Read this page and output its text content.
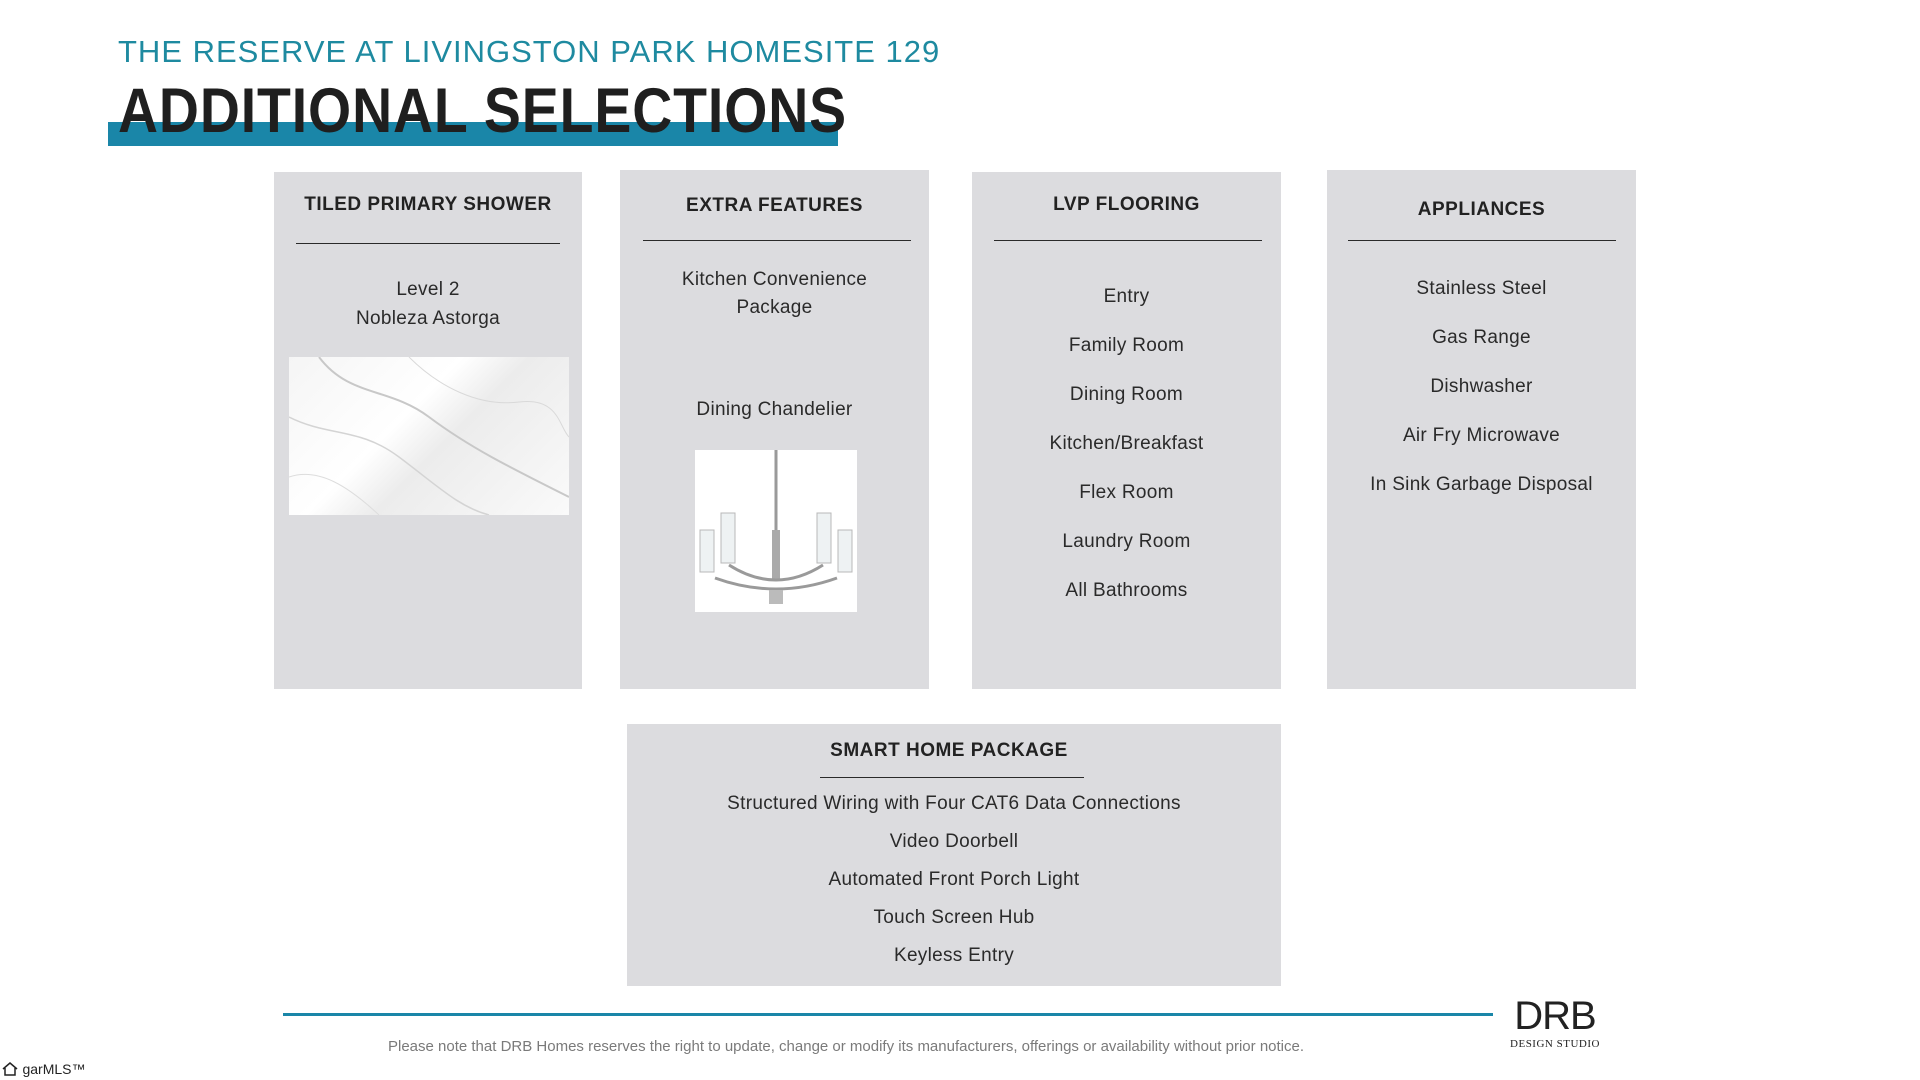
THE RESERVE AT LIVINGSTON PARK HOMESITE 129
ADDITIONAL SELECTIONS
TILED PRIMARY SHOWER
Level 2
Nobleza Astorga
EXTRA FEATURES
Kitchen Convenience
Package
Dining Chandelier
LVP FLOORING
Entry
Family Room
Dining Room
Kitchen/Breakfast
Flex Room
Laundry Room
All Bathrooms
APPLIANCES
Stainless Steel
Gas Range
Dishwasher
Air Fry Microwave
In Sink Garbage Disposal
SMART HOME PACKAGE
Structured Wiring with Four CAT6 Data Connections
Video Doorbell
Automated Front Porch Light
Touch Screen Hub
Keyless Entry
Please note that DRB Homes reserves the right to update, change or modify its manufacturers, offerings or availability without prior notice.
DRB
DESIGN STUDIO
garMLS™
